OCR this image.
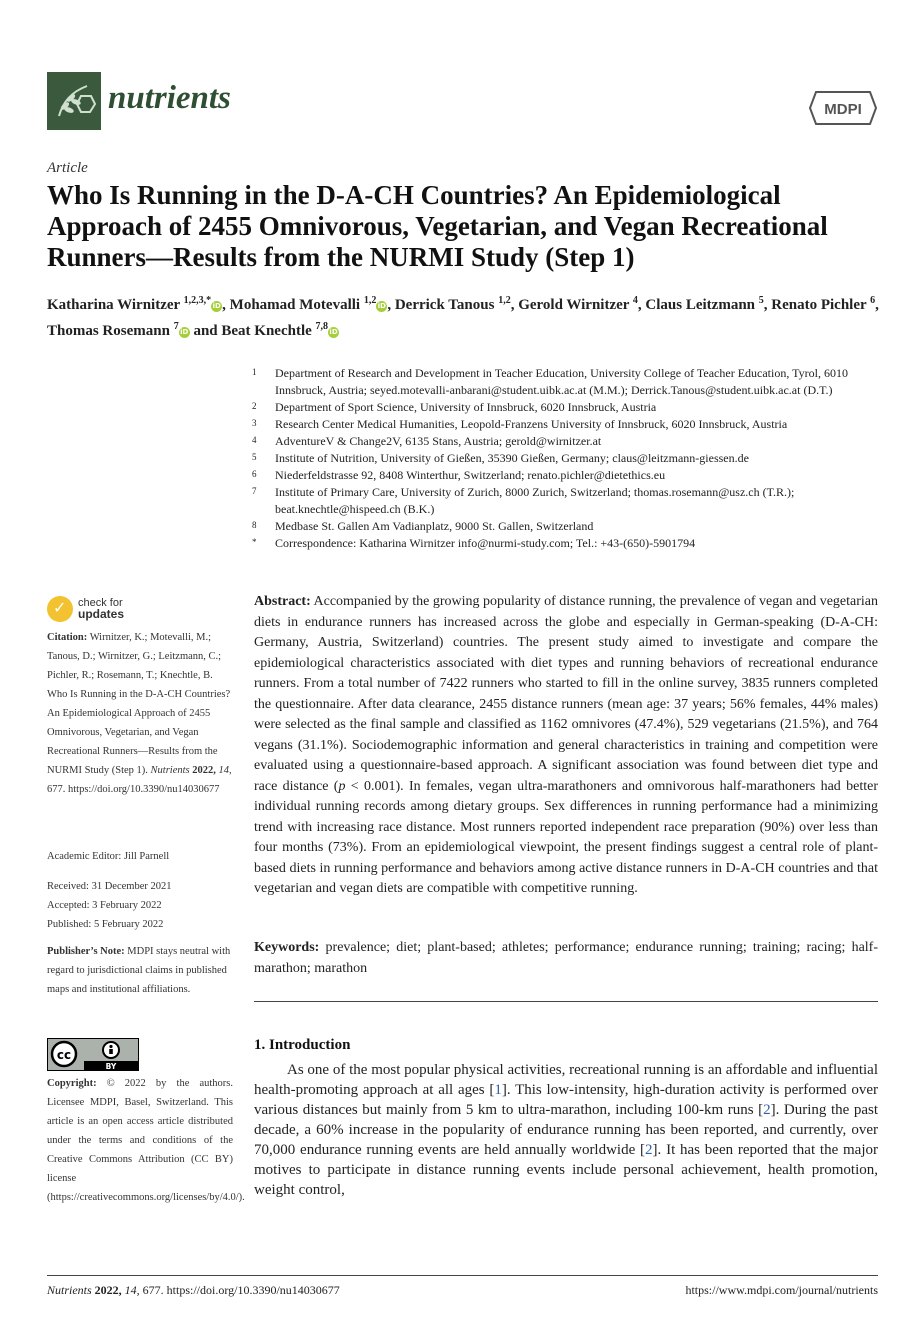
nutrients	MDPI
Article
Who Is Running in the D-A-CH Countries? An Epidemiological Approach of 2455 Omnivorous, Vegetarian, and Vegan Recreational Runners—Results from the NURMI Study (Step 1)
Katharina Wirnitzer $^{1,2,3,*}$iD, Mohamad Motevalli $^{1,2}$iD, Derrick Tanous $^{1,2}$, Gerold Wirnitzer $^4$, Claus Leitzmann $^5$, Renato Pichler $^6$, Thomas Rosemann $^7$iD and Beat Knechtle $^{7,8}$iD
1	Department of Research and Development in Teacher Education, University College of Teacher Education, Tyrol, 6010 Innsbruck, Austria; seyed.motevalli-anbarani@student.uibk.ac.at (M.M.); Derrick.Tanous@student.uibk.ac.at (D.T.)
2	Department of Sport Science, University of Innsbruck, 6020 Innsbruck, Austria
3	Research Center Medical Humanities, Leopold-Franzens University of Innsbruck, 6020 Innsbruck, Austria
4	AdventureV & Change2V, 6135 Stans, Austria; gerold@wirnitzer.at
5	Institute of Nutrition, University of Gießen, 35390 Gießen, Germany; claus@leitzmann-giessen.de
6	Niederfeldstrasse 92, 8408 Winterthur, Switzerland; renato.pichler@dietethics.eu
7	Institute of Primary Care, University of Zurich, 8000 Zurich, Switzerland; thomas.rosemann@usz.ch (T.R.); beat.knechtle@hispeed.ch (B.K.)
8	Medbase St. Gallen Am Vadianplatz, 9000 St. Gallen, Switzerland
*	Correspondence: Katharina Wirnitzer info@nurmi-study.com; Tel.: +43-(650)-5901794
✓ check for
updates
Citation: Wirnitzer, K.; Motevalli, M.; Tanous, D.; Wirnitzer, G.; Leitzmann, C.; Pichler, R.; Rosemann, T.; Knechtle, B. Who Is Running in the D-A-CH Countries? An Epidemiological Approach of 2455 Omnivorous, Vegetarian, and Vegan Recreational Runners—Results from the NURMI Study (Step 1). Nutrients 2022, 14, 677. https://doi.org/10.3390/nu14030677
Academic Editor: Jill Parnell
Received: 31 December 2021
Accepted: 3 February 2022
Published: 5 February 2022
Publisher’s Note: MDPI stays neutral with regard to jurisdictional claims in published maps and institutional affiliations.
cc
BY
Copyright: © 2022 by the authors. Licensee MDPI, Basel, Switzerland. This article is an open access article distributed under the terms and conditions of the Creative Commons Attribution (CC BY) license (https://creativecommons.org/licenses/by/4.0/).
Abstract: Accompanied by the growing popularity of distance running, the prevalence of vegan and vegetarian diets in endurance runners has increased across the globe and especially in German-speaking (D-A-CH: Germany, Austria, Switzerland) countries. The present study aimed to investigate and compare the epidemiological characteristics associated with diet types and running behaviors of recreational endurance runners. From a total number of 7422 runners who started to fill in the online survey, 3835 runners completed the questionnaire. After data clearance, 2455 distance runners (mean age: 37 years; 56% females, 44% males) were selected as the final sample and classified as 1162 omnivores (47.4%), 529 vegetarians (21.5%), and 764 vegans (31.1%). Sociodemographic information and general characteristics in training and competition were evaluated using a questionnaire-based approach. A significant association was found between diet type and race distance (p < 0.001). In females, vegan ultra-marathoners and omnivorous half-marathoners had better individual running records among dietary groups. Sex differences in running performance had a minimizing trend with increasing race distance. Most runners reported independent race preparation (90%) over less than four months (73%). From an epidemiological viewpoint, the present findings suggest a central role of plant-based diets in running performance and behaviors among active distance runners in D-A-CH countries and that vegetarian and vegan diets are compatible with competitive running.
Keywords: prevalence; diet; plant-based; athletes; performance; endurance running; training; racing; half-marathon; marathon
1. Introduction
As one of the most popular physical activities, recreational running is an affordable and influential health-promoting approach at all ages [1]. This low-intensity, high-duration activity is performed over various distances but mainly from 5 km to ultra-marathon, including 100-km runs [2]. During the past decade, a 60% increase in the popularity of endurance running has been reported, and currently, over 70,000 endurance running events are held annually worldwide [2]. It has been reported that the major motives to participate in distance running events include personal achievement, health promotion, weight control,
Nutrients 2022, 14, 677. https://doi.org/10.3390/nu14030677	https://www.mdpi.com/journal/nutrients
